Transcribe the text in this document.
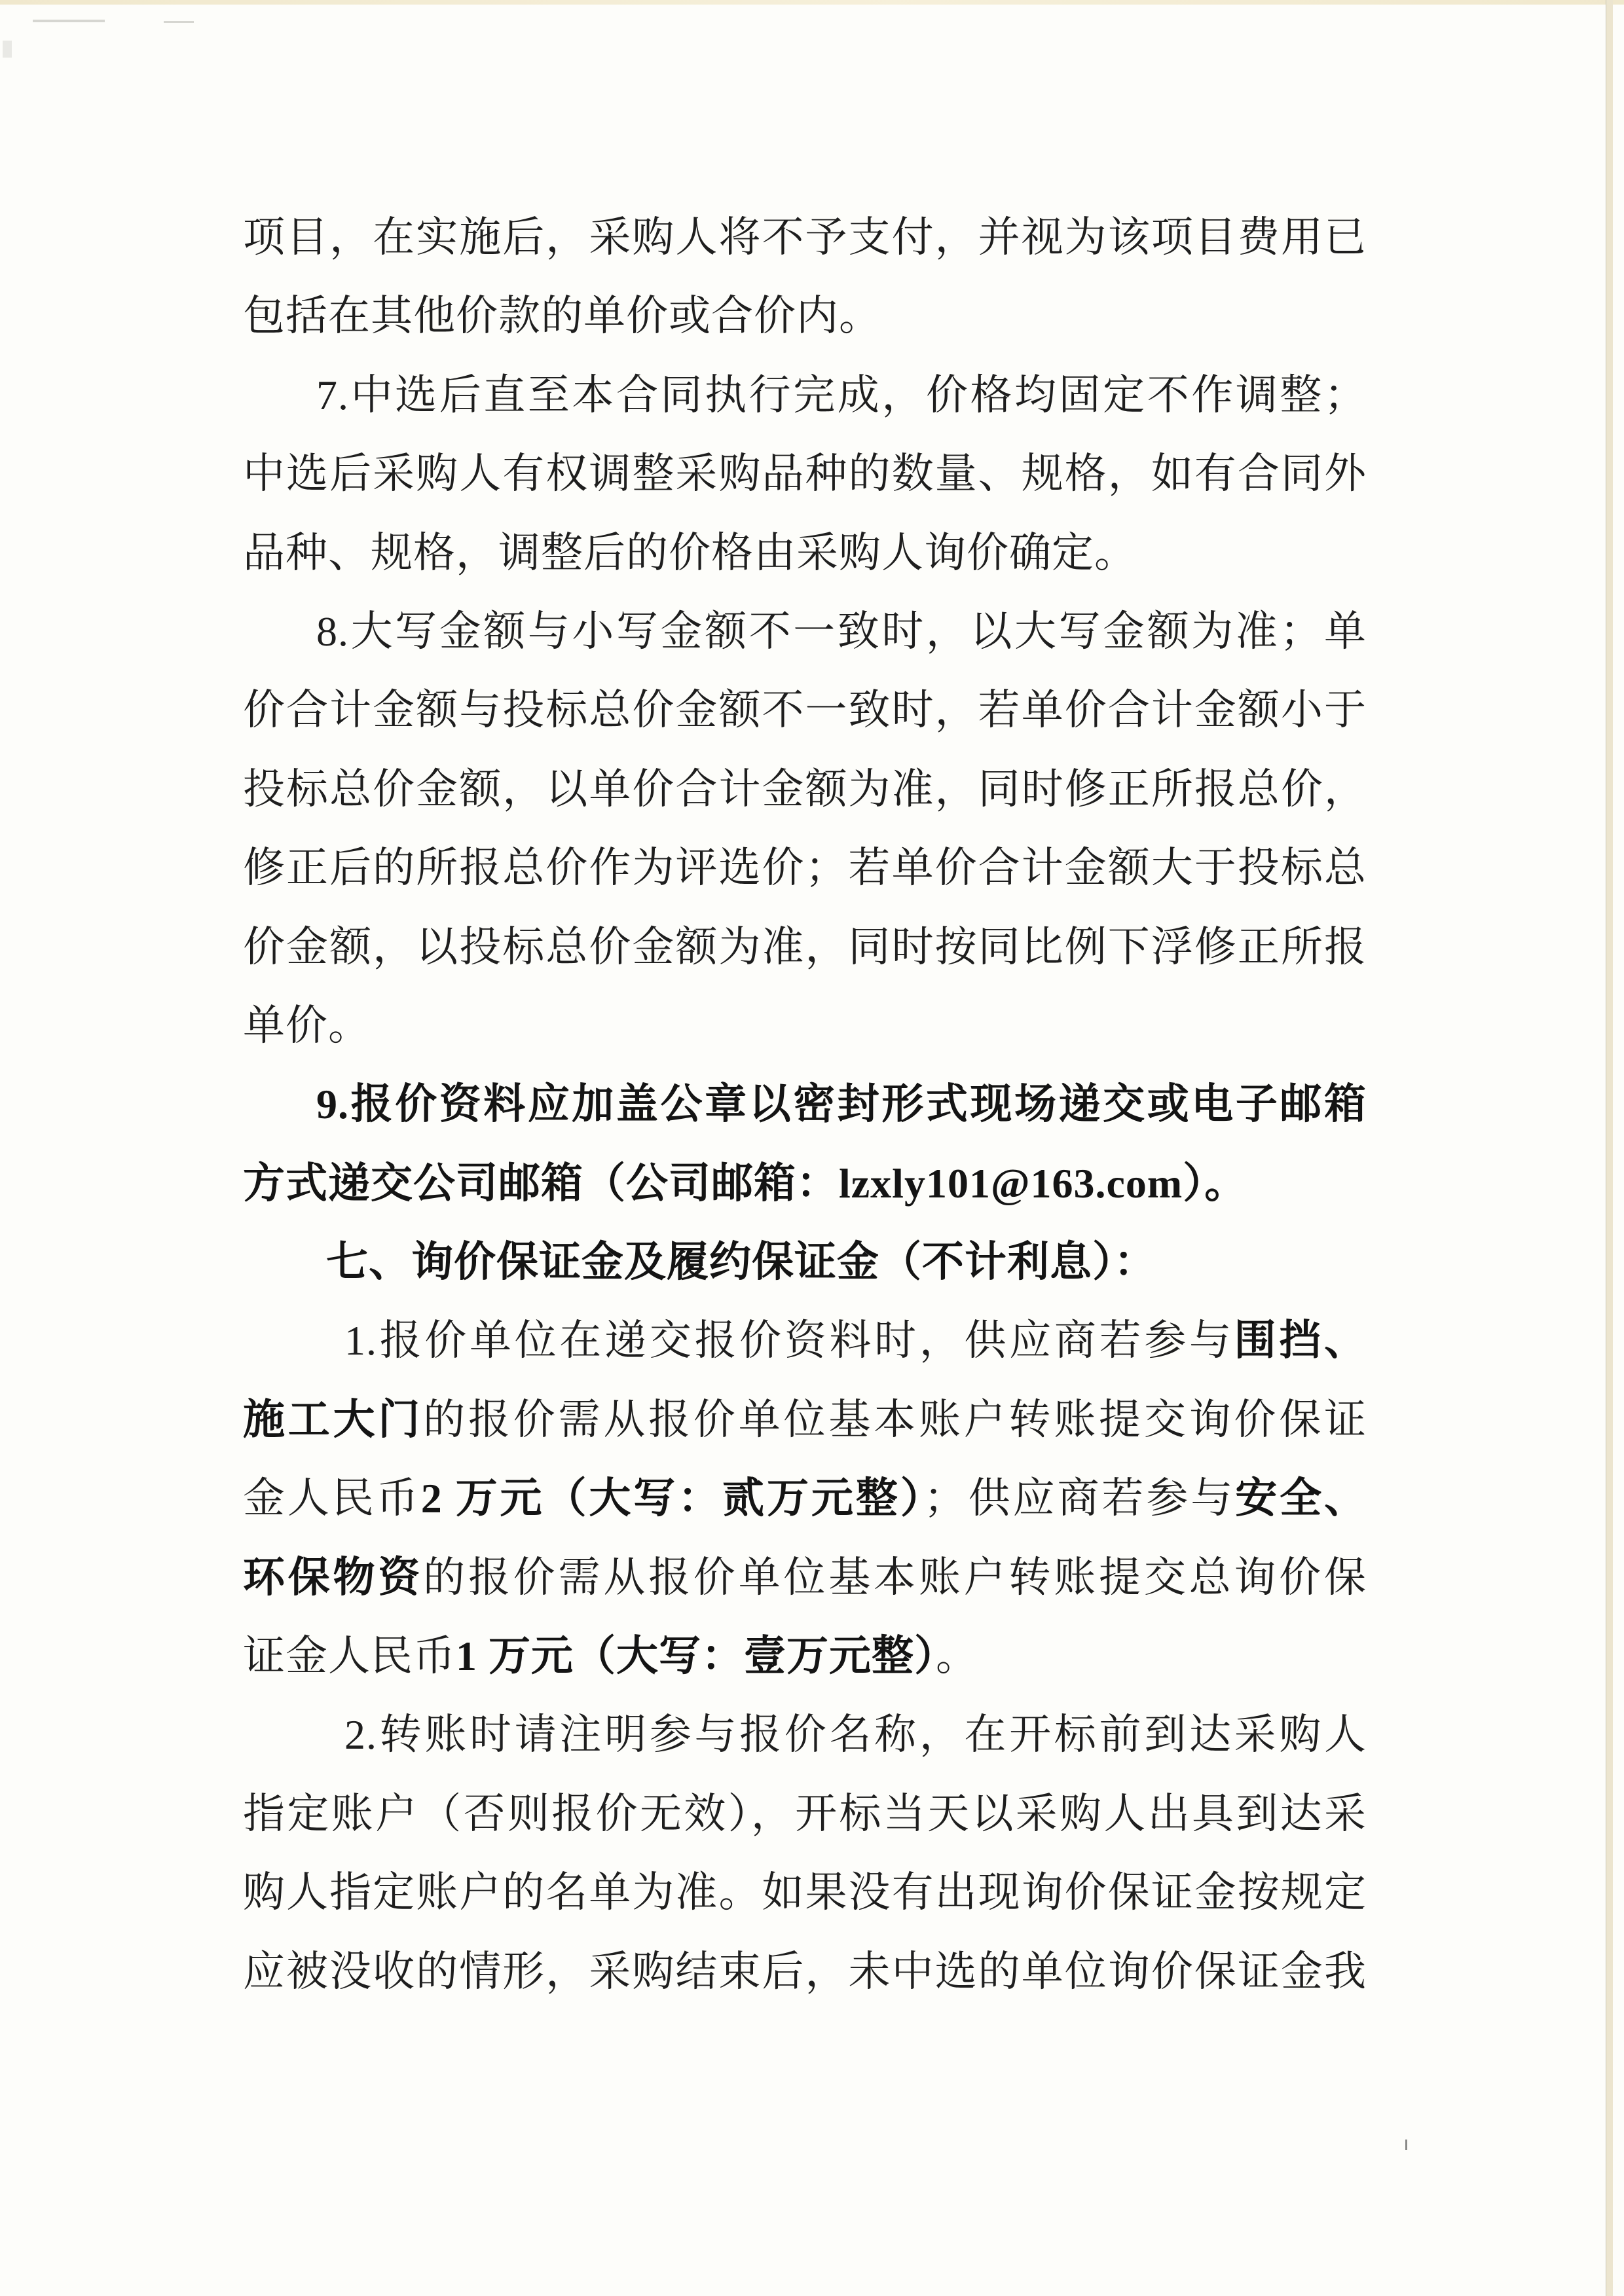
项目，在实施后，采购人将不予支付，并视为该项目费用已
包括在其他价款的单价或合价内。
7.中选后直至本合同执行完成，价格均固定不作调整；
中选后采购人有权调整采购品种的数量、规格，如有合同外
品种、规格，调整后的价格由采购人询价确定。
8.大写金额与小写金额不一致时，以大写金额为准；单
价合计金额与投标总价金额不一致时，若单价合计金额小于
投标总价金额，以单价合计金额为准，同时修正所报总价，
修正后的所报总价作为评选价；若单价合计金额大于投标总
价金额，以投标总价金额为准，同时按同比例下浮修正所报
单价。
9.报价资料应加盖公章以密封形式现场递交或电子邮箱
方式递交公司邮箱（公司邮箱：lzxly101@163.com）。
七、询价保证金及履约保证金（不计利息）：
1.报价单位在递交报价资料时，供应商若参与围挡、
施工大门的报价需从报价单位基本账户转账提交询价保证
金人民币2 万元（大写：贰万元整）；供应商若参与安全、
环保物资的报价需从报价单位基本账户转账提交总询价保
证金人民币1 万元（大写：壹万元整）。
2.转账时请注明参与报价名称，在开标前到达采购人
指定账户（否则报价无效），开标当天以采购人出具到达采
购人指定账户的名单为准。如果没有出现询价保证金按规定
应被没收的情形，采购结束后，未中选的单位询价保证金我
